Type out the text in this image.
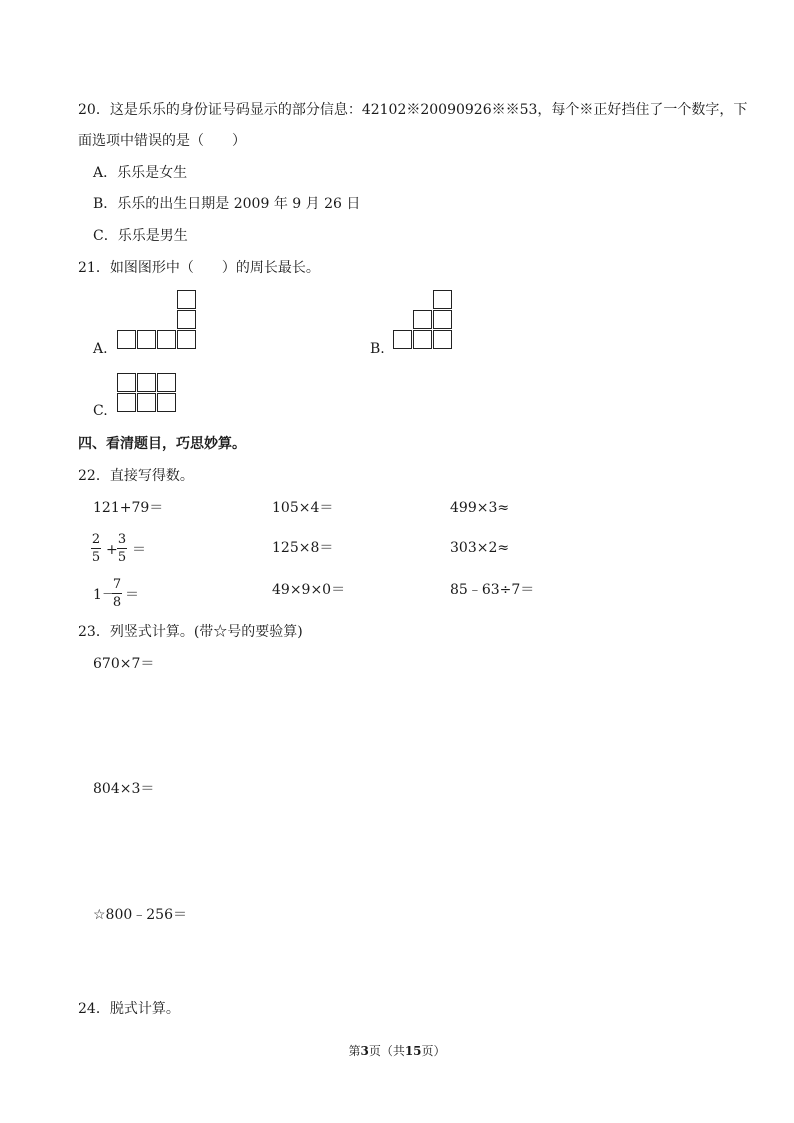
20．这是乐乐的身份证号码显示的部分信息：42102※20090926※※53，每个※正好挡住了一个数字，下
面选项中错误的是（　　）
A．乐乐是女生
B．乐乐的出生日期是 2009 年 9 月 26 日
C．乐乐是男生
21．如图图形中（　　）的周长最长。
A.	B.
C.
四、看清题目，巧思妙算。
22．直接写得数。
121+79＝	105×4＝	499×3≈
2
5 +
3
5 ＝	125×8＝	303×2≈
1－
7
8 ＝	49×9×0＝	85﹣63÷7＝
23．列竖式计算。(带☆号的要验算)
670×7＝
804×3＝
☆800﹣256＝
24．脱式计算。
第3页（共15页）
